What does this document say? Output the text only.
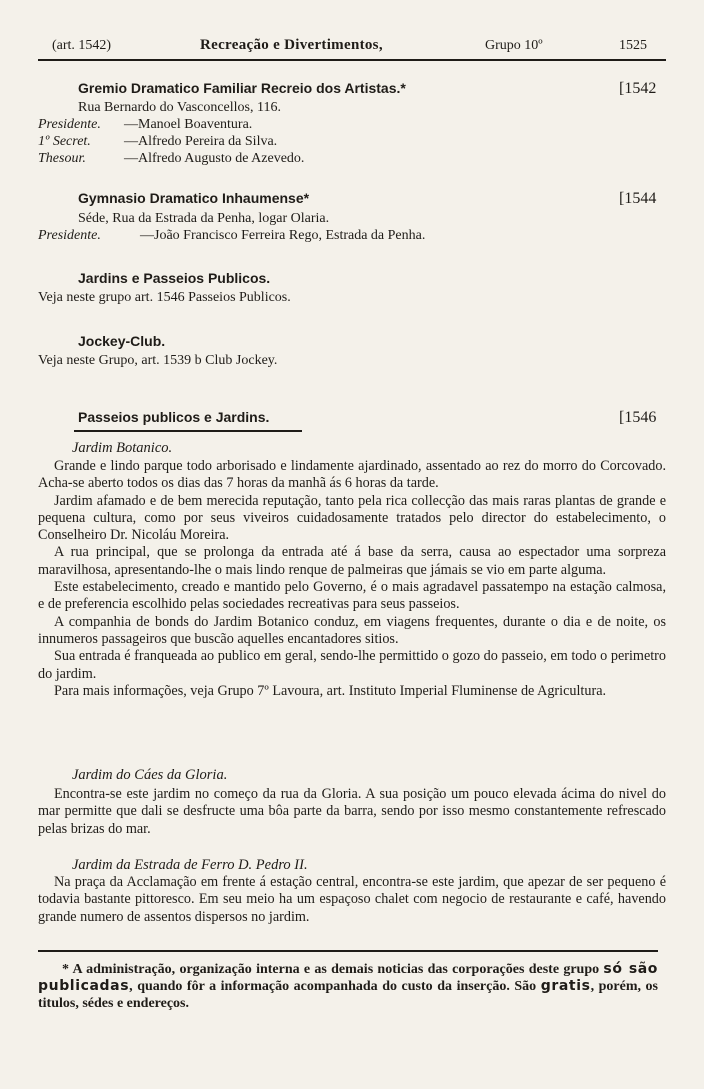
(art. 1542)	Recreação e Divertimentos,	Grupo 10º	1525
Gremio Dramatico Familiar Recreio dos Artistas.*	[1542
Rua Bernardo do Vasconcellos, 116.
Presidente. —Manoel Boaventura.
1º Secret. —Alfredo Pereira da Silva.
Thesour.	—Alfredo Augusto de Azevedo.
Gymnasio Dramatico Inhaumense*	[1544
Séde, Rua da Estrada da Penha, logar Olaria.
Presidente.	—João Francisco Ferreira Rego, Estrada da Penha.
Jardins e Passeios Publicos.
Veja neste grupo art. 1546 Passeios Publicos.
Jockey-Club.
Veja neste Grupo, art. 1539 b Club Jockey.
Passeios publicos e Jardins.	[1546
Jardim Botanico.

Grande e lindo parque todo arborisado e lindamente ajardinado, assentado ao rez do morro do Corcovado. Acha-se aberto todos os dias das 7 horas da manhã ás 6 horas da tarde.

Jardim afamado e de bem merecida reputação, tanto pela rica collecção das mais raras plantas de grande e pequena cultura, como por seus viveiros cuidadosamente tratados pelo director do estabelecimento, o Conselheiro Dr. Nicoláu Moreira.

A rua principal, que se prolonga da entrada até á base da serra, causa ao espectador uma sorpreza maravilhosa, apresentando-lhe o mais lindo renque de palmeiras que jámais se vio em parte alguma.

Este estabelecimento, creado e mantido pelo Governo, é o mais agradavel passatempo na estação calmosa, e de preferencia escolhido pelas sociedades recreativas para seus passeios.

A companhia de bonds do Jardim Botanico conduz, em viagens frequentes, durante o dia e de noite, os innumeros passageiros que buscão aquelles encantadores sitios.

Sua entrada é franqueada ao publico em geral, sendo-lhe permittido o gozo do passeio, em todo o perimetro do jardim.

Para mais informações, veja Grupo 7º Lavoura, art. Instituto Imperial Fluminense de Agricultura.

Jardim do Cáes da Gloria.

Encontra-se este jardim no começo da rua da Gloria. A sua posição um pouco elevada ácima do nivel do mar permitte que dali se desfructe uma bôa parte da barra, sendo por isso mesmo constantemente refrescado pelas brizas do mar.

Jardim da Estrada de Ferro D. Pedro II.

Na praça da Acclamação em frente á estação central, encontra-se este jardim, que apezar de ser pequeno é todavia bastante pittoresco. Em seu meio ha um espaçoso chalet com negocio de restaurante e café, havendo grande numero de assentos dispersos no jardim.

* A administração, organização interna e as demais noticias das corporações deste grupo só são publicadas, quando fôr a informação acompanhada do custo da inserção. São gratis, porém, os titulos, sédes e endereços.
